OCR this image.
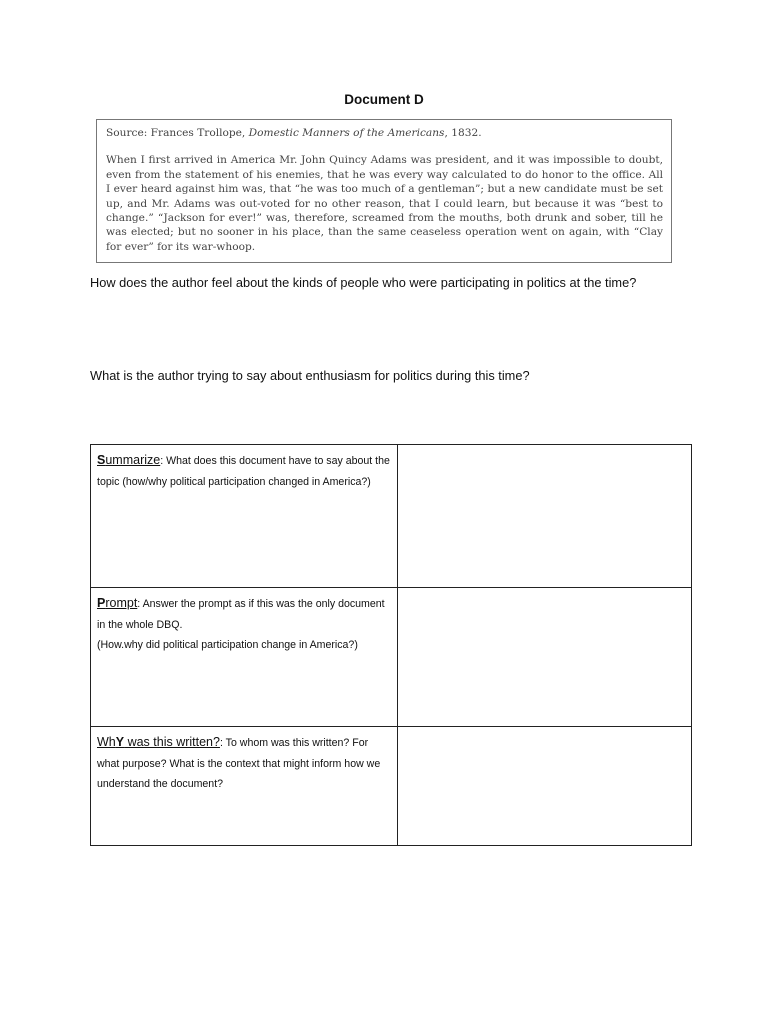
Document D
Source: Frances Trollope, Domestic Manners of the Americans, 1832.
When I first arrived in America Mr. John Quincy Adams was president, and it was impossible to doubt, even from the statement of his enemies, that he was every way calculated to do honor to the office. All I ever heard against him was, that “he was too much of a gentleman”; but a new candidate must be set up, and Mr. Adams was out-voted for no other reason, that I could learn, but because it was “best to change.” “Jackson for ever!” was, therefore, screamed from the mouths, both drunk and sober, till he was elected; but no sooner in his place, than the same ceaseless operation went on again, with “Clay for ever” for its war-whoop.

How does the author feel about the kinds of people who were participating in politics at the time?

What is the author trying to say about enthusiasm for politics during this time?

Summarize: What does this document have to say about the topic (how/why political participation changed in America?)	
Prompt: Answer the prompt as if this was the only document in the whole DBQ.
(How.why did political participation change in America?)	

WhY was this written?: To whom was this written? For what purpose? What is the context that might inform how we understand the document?	
